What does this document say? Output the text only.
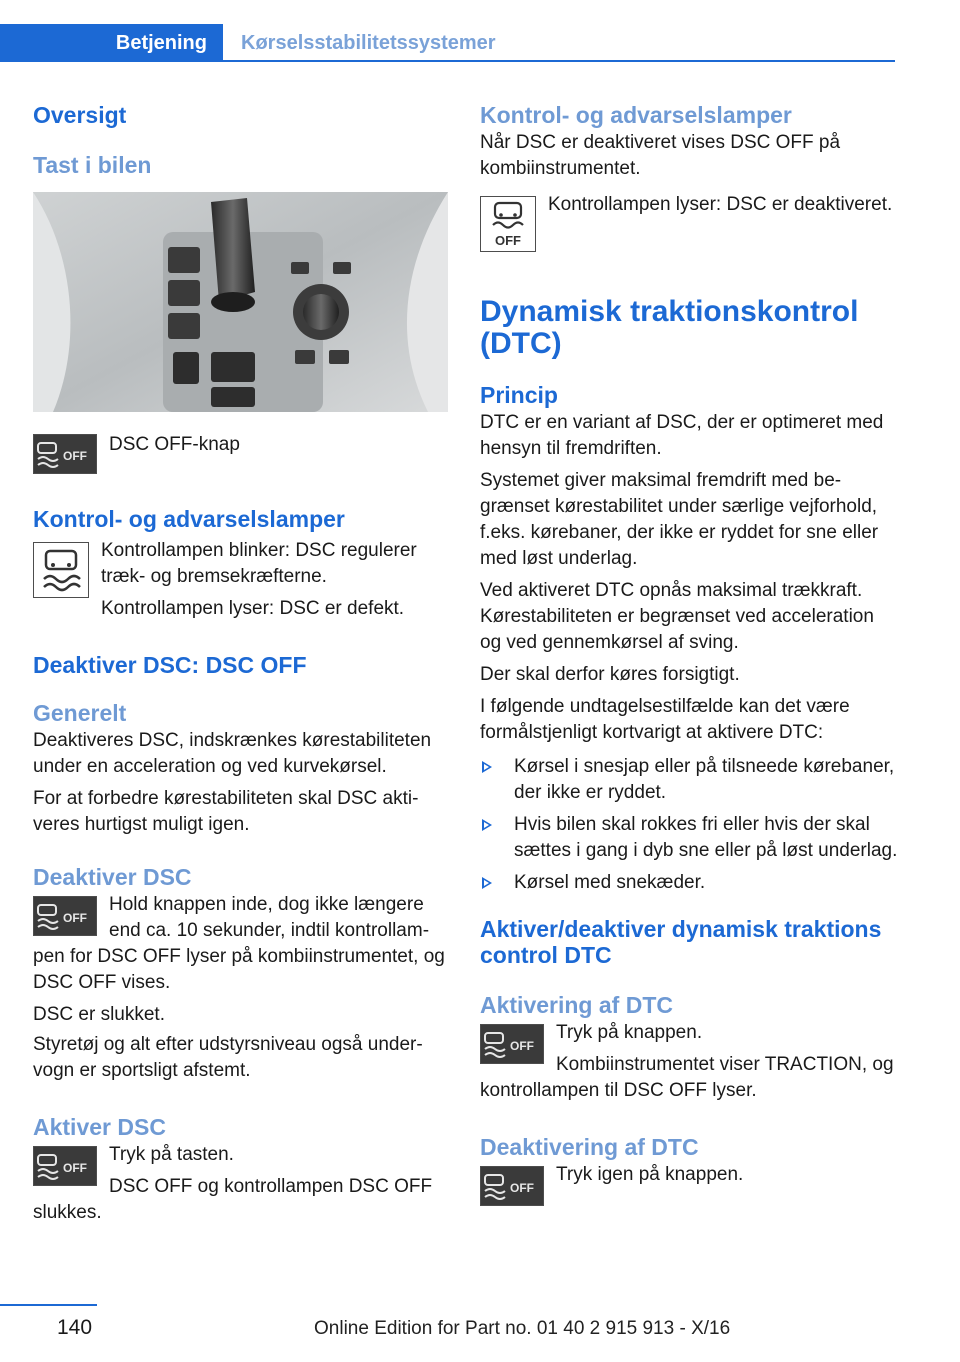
Betjening	Kørselsstabilitetssystemer
Oversigt
Tast i bilen
OFF

DSC OFF-knap

Kontrol- og advarselslamper

Kontrollampen blinker: DSC regulerer træk- og bremsekræfterne.

Kontrollampen lyser: DSC er defekt.

Deaktiver DSC: DSC OFF
Generelt

Deaktiveres DSC, indskrænkes kørestabiliteten under en acceleration og ved kurvekørsel.

For at forbedre kørestabiliteten skal DSC aktiveres hurtigst muligt igen.

Deaktiver DSC
OFF

Hold knappen inde, dog ikke længere end ca. 10 sekunder, indtil kontrollampen for DSC OFF lyser på kombiinstrumentet, og DSC OFF vises.

DSC er slukket.

Styretøj og alt efter udstyrsniveau også undervogn er sportsligt afstemt.

Aktiver DSC
OFF

Tryk på tasten.

DSC OFF og kontrollampen DSC OFF slukkes.

Kontrol- og advarselslamper

Når DSC er deaktiveret vises DSC OFF på kombiinstrumentet.

OFF

Kontrollampen lyser: DSC er deaktiveret.

Dynamisk traktionskontrol (DTC)
Princip

DTC er en variant af DSC, der er optimeret med hensyn til fremdriften.

Systemet giver maksimal fremdrift med begrænset kørestabilitet under særlige vejforhold, f.eks. kørebaner, der ikke er ryddet for sne eller med løst underlag.

Ved aktiveret DTC opnås maksimal trækkraft. Kørestabiliteten er begrænset ved acceleration og ved gennemkørsel af sving.

Der skal derfor køres forsigtigt.

I følgende undtagelsestilfælde kan det være formålstjenligt kortvarigt at aktivere DTC:

Kørsel i snesjap eller på tilsneede kørebaner, der ikke er ryddet.
Hvis bilen skal rokkes fri eller hvis der skal sættes i gang i dyb sne eller på løst underlag.
Kørsel med snekæder.
Aktiver/deaktiver dynamisk traktions control DTC
Aktivering af DTC
OFF

Tryk på knappen.

Kombiinstrumentet viser TRACTION, og kontrollampen til DSC OFF lyser.

Deaktivering af DTC
OFF

Tryk igen på knappen.

140	Online Edition for Part no. 01 40 2 915 913 - X/16
